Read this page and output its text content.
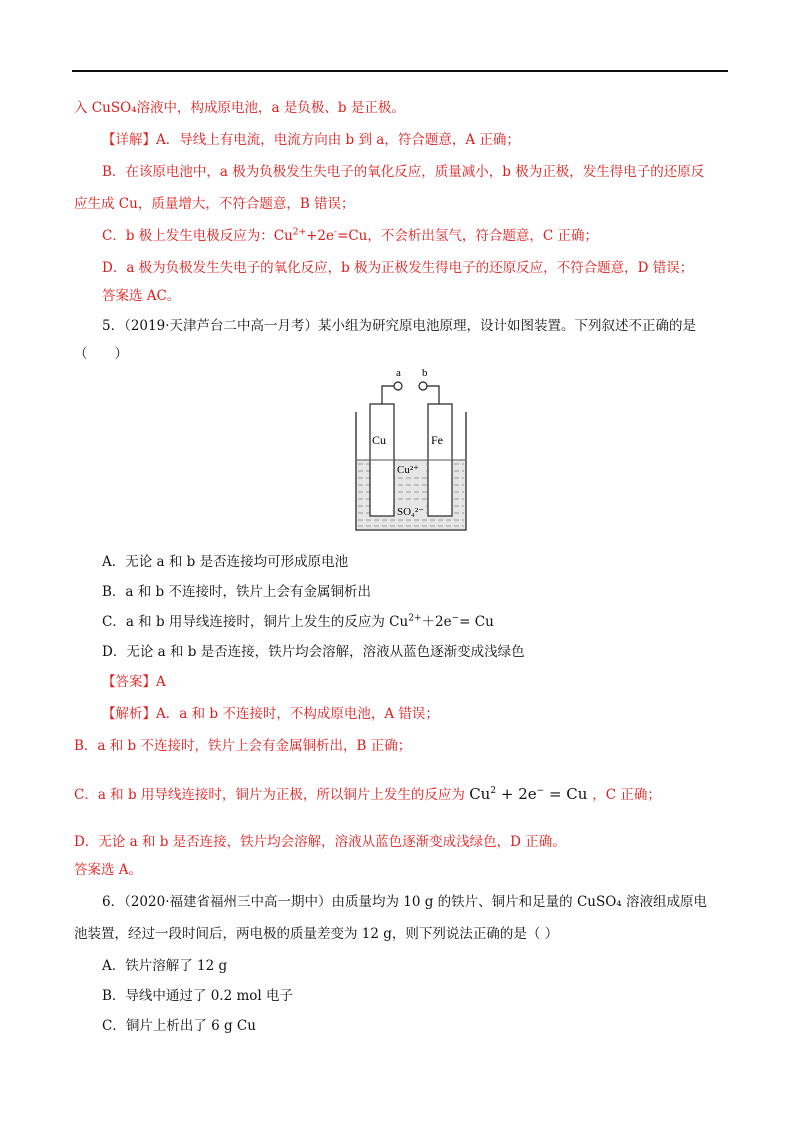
入 CuSO₄溶液中，构成原电池，a 是负极、b 是正极。
【详解】A．导线上有电流，电流方向由 b 到 a，符合题意，A 正确；
B．在该原电池中，a 极为负极发生失电子的氧化反应，质量减小，b 极为正极，发生得电子的还原反
应生成 Cu，质量增大，不符合题意，B 错误；
C．b 极上发生电极反应为：$Cu^{2+}+2e^-=Cu$，不会析出氢气，符合题意，C 正确；
D．a 极为负极发生失电子的氧化反应，b 极为正极发生得电子的还原反应，不符合题意，D 错误；
答案选 AC。
5．（2019·天津芦台二中高一月考）某小组为研究原电池原理，设计如图装置。下列叙述不正确的是
（　　）
a b
Cu	Fe
Cu²⁺
SO₄²⁻
A．无论 a 和 b 是否连接均可形成原电池
B．a 和 b 不连接时，铁片上会有金属铜析出
C．a 和 b 用导线连接时，铜片上发生的反应为 $Cu^{2+}+2e^-= Cu$
D．无论 a 和 b 是否连接，铁片均会溶解，溶液从蓝色逐渐变成浅绿色
【答案】A
【解析】A．a 和 b 不连接时，不构成原电池，A 错误；
B．a 和 b 不连接时，铁片上会有金属铜析出，B 正确；
C．a 和 b 用导线连接时，铜片为正极，所以铜片上发生的反应为 $Cu^2 + 2e^- = Cu$ ，C 正确；
D．无论 a 和 b 是否连接，铁片均会溶解，溶液从蓝色逐渐变成浅绿色，D 正确。
答案选 A。
6．（2020·福建省福州三中高一期中）由质量均为 10 g 的铁片、铜片和足量的 CuSO₄ 溶液组成原电
池装置，经过一段时间后，两电极的质量差变为 12 g，则下列说法正确的是（ ）
A．铁片溶解了 12 g
B．导线中通过了 0.2 mol 电子
C．铜片上析出了 6 g Cu
